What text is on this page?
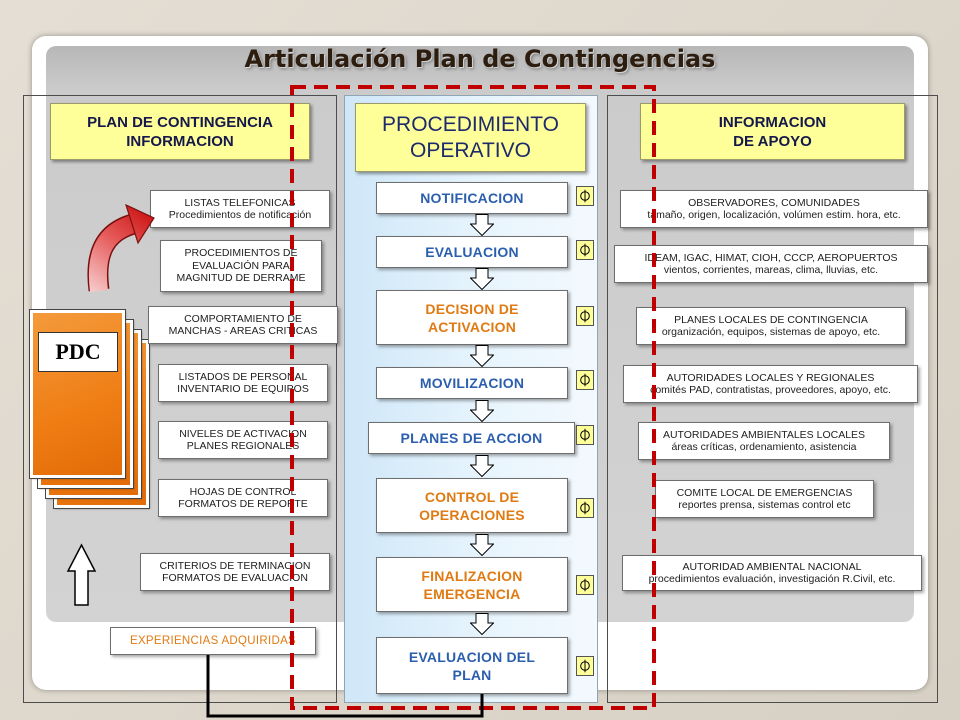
Articulación Plan de Contingencias
PLAN DE CONTINGENCIA
INFORMACION
LISTAS TELEFONICAS
Procedimientos de notificación
PROCEDIMIENTOS DE
EVALUACIÓN PARA
MAGNITUD DE DERRAME
COMPORTAMIENTO DE
MANCHAS - AREAS CRITICAS
LISTADOS DE PERSONAL
INVENTARIO DE EQUIPOS
NIVELES DE ACTIVACION
PLANES REGIONALES
HOJAS DE CONTROL
FORMATOS DE REPORTE
CRITERIOS DE TERMINACION
FORMATOS DE EVALUACION
EXPERIENCIAS ADQUIRIDAS
PDC
PROCEDIMIENTO
OPERATIVO
NOTIFICACION
EVALUACION
DECISION DE
ACTIVACION
MOVILIZACION
PLANES DE ACCION
CONTROL DE
OPERACIONES
FINALIZACION
EMERGENCIA
EVALUACION DEL
PLAN
INFORMACION
DE APOYO
OBSERVADORES, COMUNIDADES
tamaño, origen, localización, volúmen estim. hora, etc.
IDEAM, IGAC, HIMAT, CIOH, CCCP, AEROPUERTOS
vientos, corrientes, mareas, clima, lluvias, etc.
PLANES LOCALES DE CONTINGENCIA
organización, equipos, sistemas de apoyo, etc.
AUTORIDADES LOCALES Y REGIONALES
comités PAD, contratistas, proveedores, apoyo, etc.
AUTORIDADES AMBIENTALES LOCALES
áreas críticas, ordenamiento, asistencia
COMITE LOCAL DE EMERGENCIAS
reportes prensa, sistemas control etc
AUTORIDAD AMBIENTAL NACIONAL
procedimientos evaluación, investigación R.Civil, etc.
